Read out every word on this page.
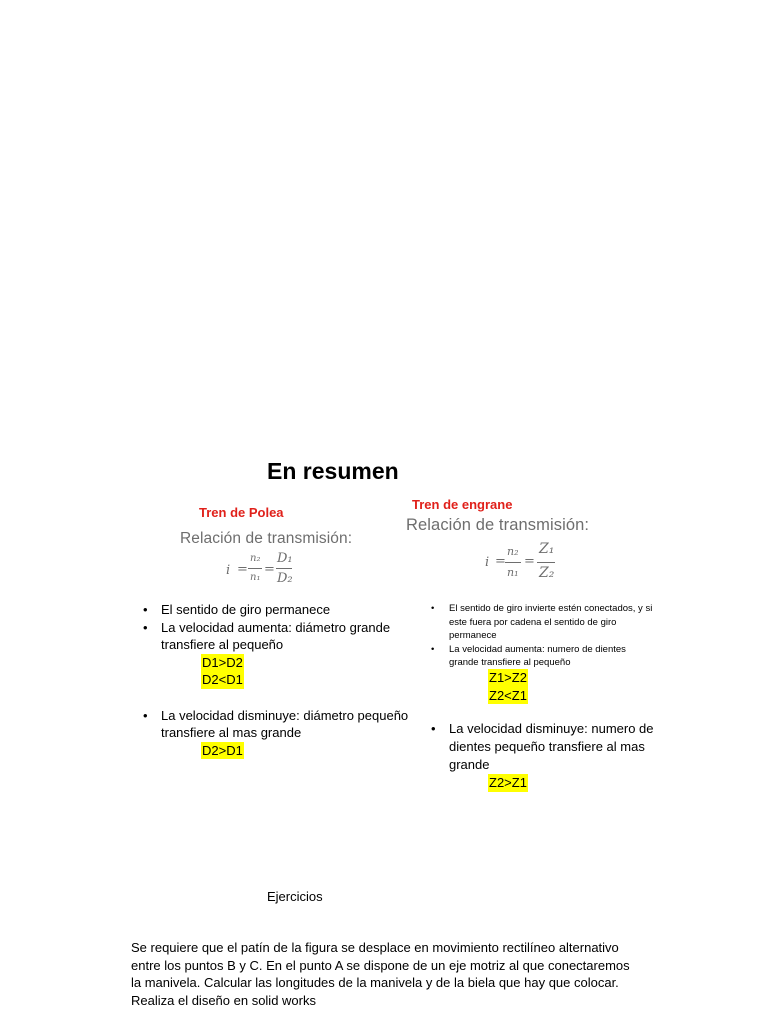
En resumen
Tren de Polea
Relación de transmisión:
i =
n₂
n₁
=
D₁
D₂
• El sentido de giro permanece
• La velocidad aumenta: diámetro grande transfiere al pequeño
D1>D2
D2<D1
• La velocidad disminuye: diámetro pequeño transfiere al mas grande
D2>D1
Tren de engrane
Relación de transmisión:
i =
n₂
n₁
=
Z₁
Z₂
• El sentido de giro invierte estén conectados, y si este fuera por cadena el sentido de giro permanece
• La velocidad aumenta: numero de dientes grande transfiere al pequeño
Z1>Z2
Z2<Z1
• La velocidad disminuye: numero de dientes pequeño transfiere al mas grande
Z2>Z1
Ejercicios
Se requiere que el patín de la figura se desplace en movimiento rectilíneo alternativo entre los puntos B y C. En el punto A se dispone de un eje motriz al que conectaremos la manivela. Calcular las longitudes de la manivela y de la biela que hay que colocar. Realiza el diseño en solid works
